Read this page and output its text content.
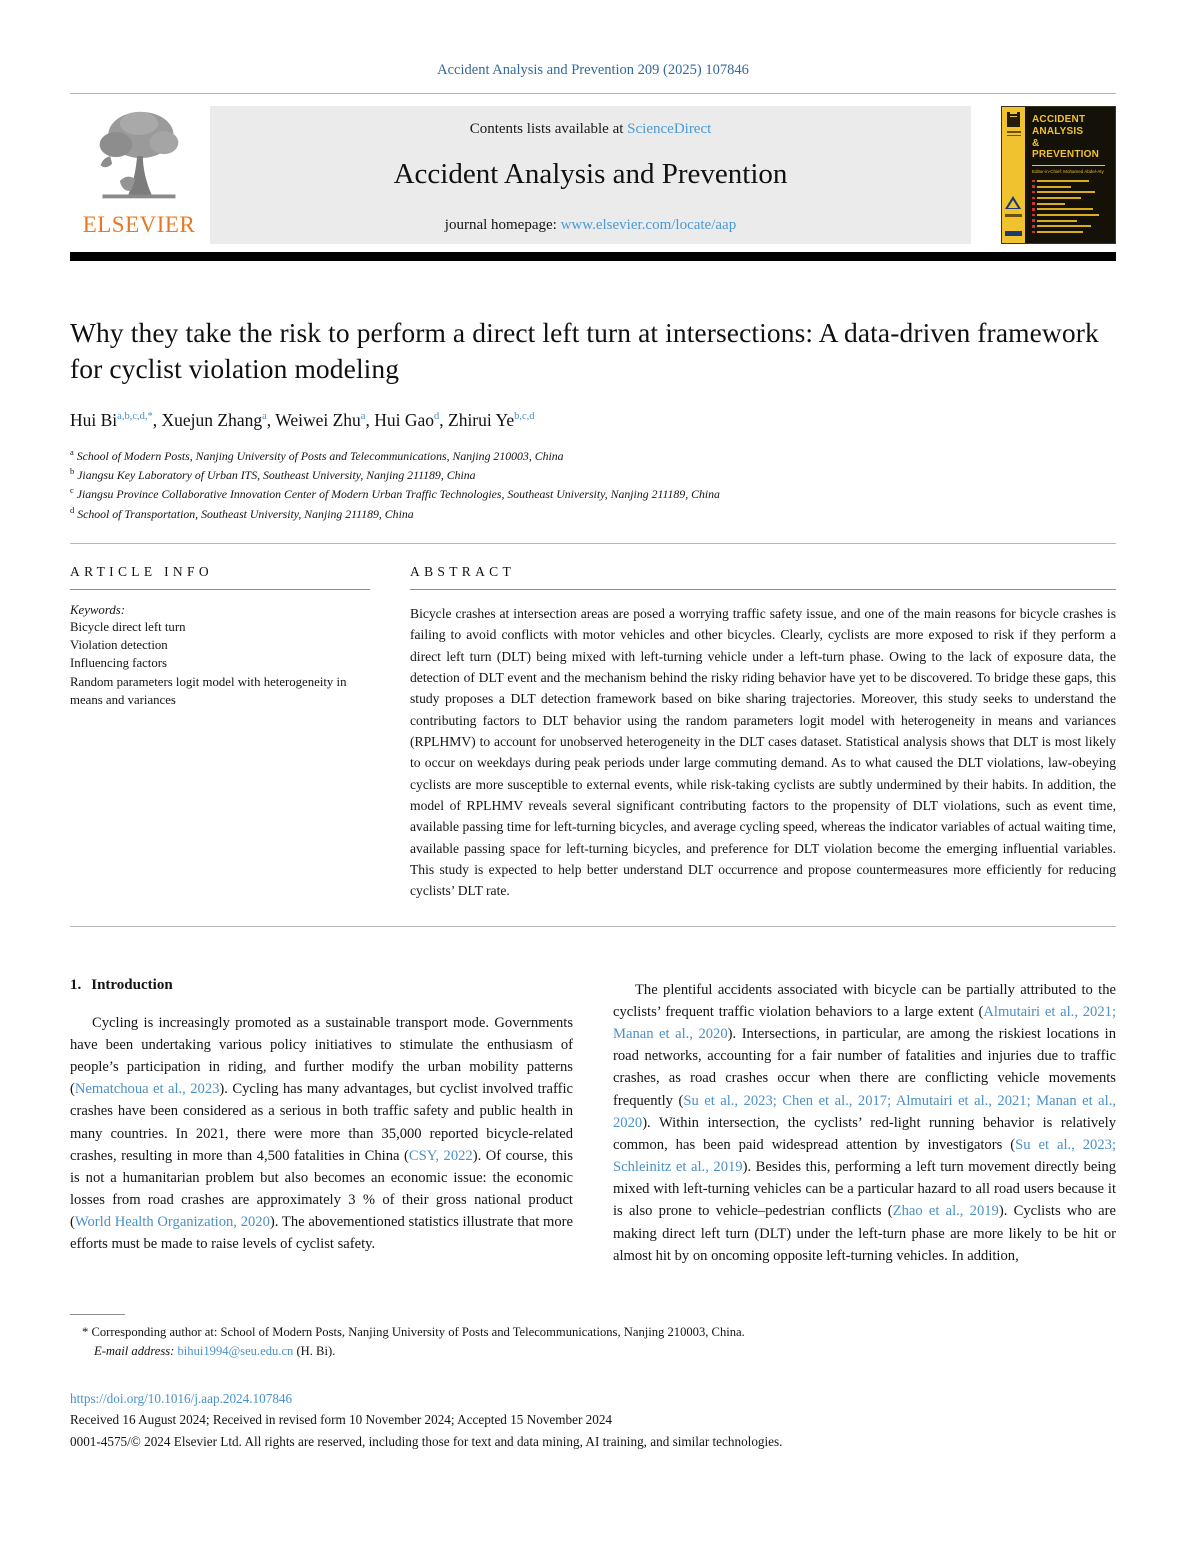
Accident Analysis and Prevention 209 (2025) 107846
ELSEVIER
Contents lists available at ScienceDirect
Accident Analysis and Prevention
journal homepage: www.elsevier.com/locate/aap
ACCIDENT
ANALYSIS
&
PREVENTION
Editor-in-Chief: Mohamed Abdel-Aty
Why they take the risk to perform a direct left turn at intersections: A data-driven framework for cyclist violation modeling
Hui $Bi^{a,b,c,d,*}$, Xuejun Zhang$^a$, Weiwei Zhu$^a$, Hui Gao$^d$, Zhirui Ye$^{b,c,d}$
$^a$ School of Modern Posts, Nanjing University of Posts and Telecommunications, Nanjing 210003, China
$^b$ Jiangsu Key Laboratory of Urban ITS, Southeast University, Nanjing 211189, China
$^c$ Jiangsu Province Collaborative Innovation Center of Modern Urban Traffic Technologies, Southeast University, Nanjing 211189, China
$^d$ School of Transportation, Southeast University, Nanjing 211189, China
ARTICLE INFO
Keywords:
Bicycle direct left turn
Violation detection
Influencing factors
Random parameters logit model with heterogeneity in means and variances
ABSTRACT
Bicycle crashes at intersection areas are posed a worrying traffic safety issue, and one of the main reasons for bicycle crashes is failing to avoid conflicts with motor vehicles and other bicycles. Clearly, cyclists are more exposed to risk if they perform a direct left turn (DLT) being mixed with left-turning vehicle under a left-turn phase. Owing to the lack of exposure data, the detection of DLT event and the mechanism behind the risky riding behavior have yet to be discovered. To bridge these gaps, this study proposes a DLT detection framework based on bike sharing trajectories. Moreover, this study seeks to understand the contributing factors to DLT behavior using the random parameters logit model with heterogeneity in means and variances (RPLHMV) to account for unobserved heterogeneity in the DLT cases dataset. Statistical analysis shows that DLT is most likely to occur on weekdays during peak periods under large commuting demand. As to what caused the DLT violations, law-obeying cyclists are more susceptible to external events, while risk-taking cyclists are subtly undermined by their habits. In addition, the model of RPLHMV reveals several significant contributing factors to the propensity of DLT violations, such as event time, available passing time for left-turning bicycles, and average cycling speed, whereas the indicator variables of actual waiting time, available passing space for left-turning bicycles, and preference for DLT violation become the emerging influential variables. This study is expected to help better understand DLT occurrence and propose countermeasures more efficiently for reducing cyclists’ DLT rate.
1. Introduction

Cycling is increasingly promoted as a sustainable transport mode. Governments have been undertaking various policy initiatives to stimulate the enthusiasm of people’s participation in riding, and further modify the urban mobility patterns (Nematchoua et al., 2023). Cycling has many advantages, but cyclist involved traffic crashes have been considered as a serious in both traffic safety and public health in many countries. In 2021, there were more than 35,000 reported bicycle-related crashes, resulting in more than 4,500 fatalities in China (CSY, 2022). Of course, this is not a humanitarian problem but also becomes an economic issue: the economic losses from road crashes are approximately 3 % of their gross national product (World Health Organization, 2020). The abovementioned statistics illustrate that more efforts must be made to raise levels of cyclist safety.

The plentiful accidents associated with bicycle can be partially attributed to the cyclists’ frequent traffic violation behaviors to a large extent (Almutairi et al., 2021; Manan et al., 2020). Intersections, in particular, are among the riskiest locations in road networks, accounting for a fair number of fatalities and injuries due to traffic crashes, as road crashes occur when there are conflicting vehicle movements frequently (Su et al., 2023; Chen et al., 2017; Almutairi et al., 2021; Manan et al., 2020). Within intersection, the cyclists’ red-light running behavior is relatively common, has been paid widespread attention by investigators (Su et al., 2023; Schleinitz et al., 2019). Besides this, performing a left turn movement directly being mixed with left-turning vehicles can be a particular hazard to all road users because it is also prone to vehicle–pedestrian conflicts (Zhao et al., 2019). Cyclists who are making direct left turn (DLT) under the left-turn phase are more likely to be hit or almost hit by on oncoming opposite left-turning vehicles. In addition,

* Corresponding author at: School of Modern Posts, Nanjing University of Posts and Telecommunications, Nanjing 210003, China.
E-mail address: bihui1994@seu.edu.cn (H. Bi).
https://doi.org/10.1016/j.aap.2024.107846
Received 16 August 2024; Received in revised form 10 November 2024; Accepted 15 November 2024
0001-4575/© 2024 Elsevier Ltd. All rights are reserved, including those for text and data mining, AI training, and similar technologies.
